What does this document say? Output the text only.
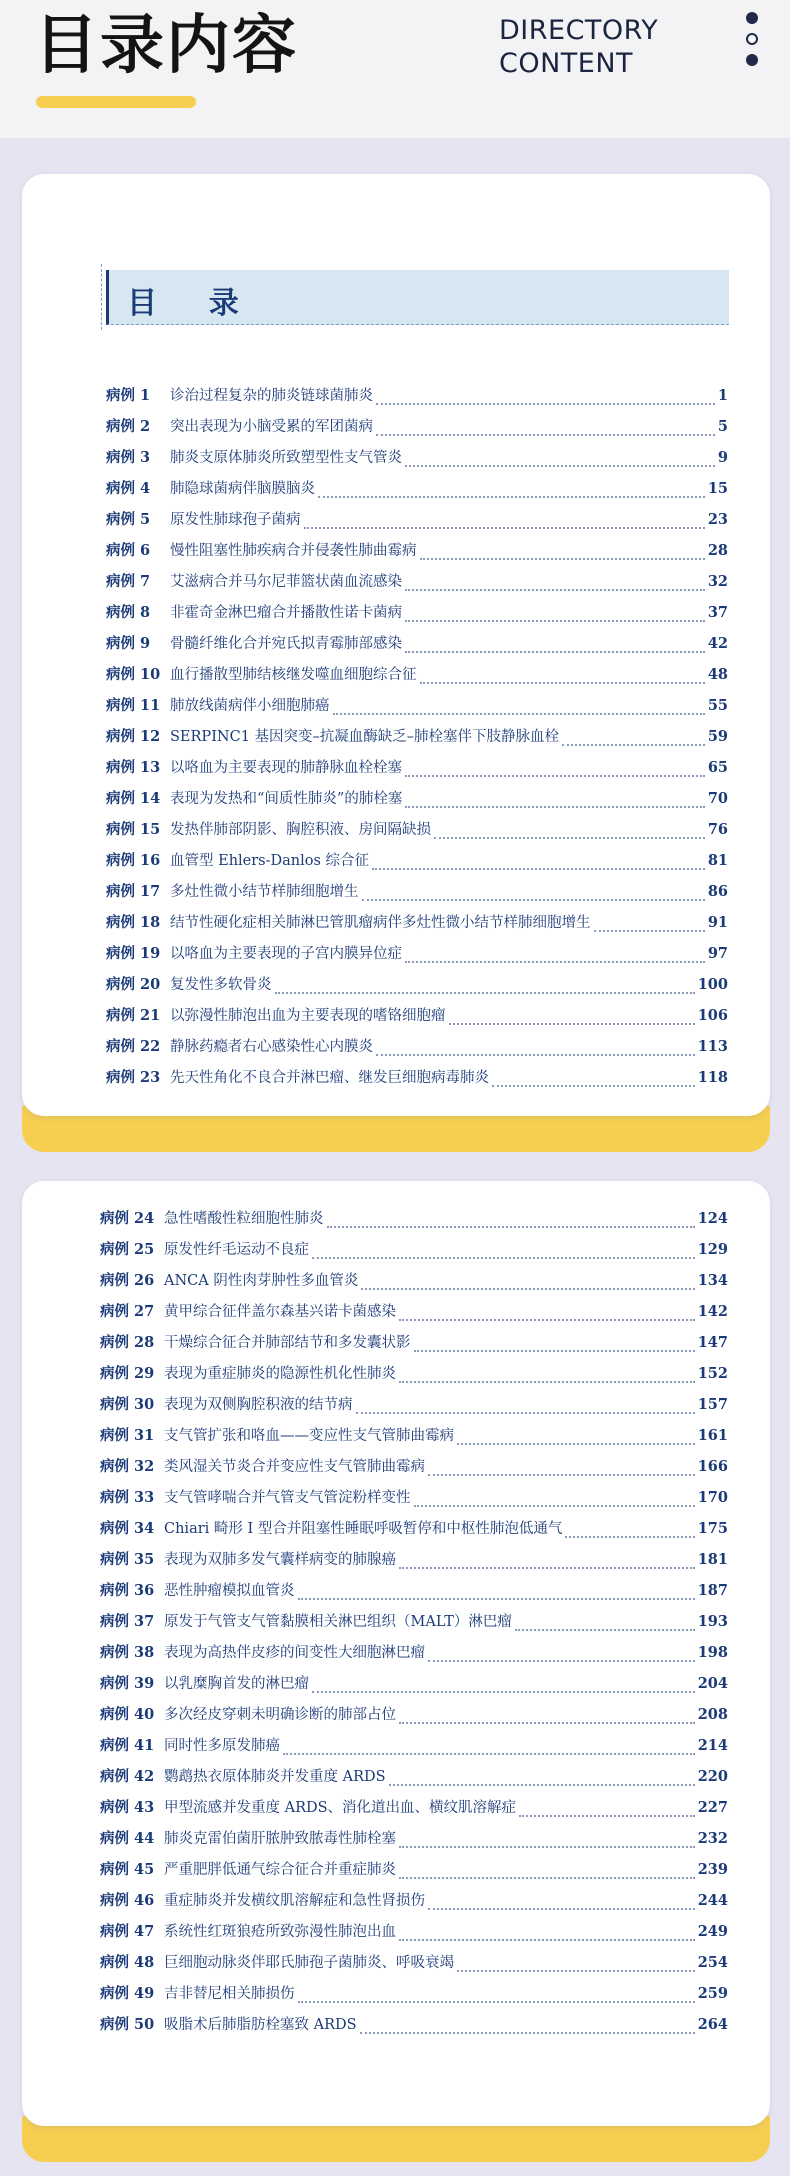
目录内容	DIRECTORY
CONTENT
目    录
病例 1	诊治过程复杂的肺炎链球菌肺炎	1
病例 2	突出表现为小脑受累的军团菌病	5
病例 3	肺炎支原体肺炎所致塑型性支气管炎	9
病例 4	肺隐球菌病伴脑膜脑炎	15
病例 5	原发性肺球孢子菌病	23
病例 6	慢性阻塞性肺疾病合并侵袭性肺曲霉病	28
病例 7	艾滋病合并马尔尼菲篮状菌血流感染	32
病例 8	非霍奇金淋巴瘤合并播散性诺卡菌病	37
病例 9	骨髓纤维化合并宛氏拟青霉肺部感染	42
病例 10 血行播散型肺结核继发噬血细胞综合征	48
病例 11 肺放线菌病伴小细胞肺癌	55
病例 12 SERPINC1 基因突变–抗凝血酶缺乏–肺栓塞伴下肢静脉血栓	59
病例 13 以咯血为主要表现的肺静脉血栓栓塞	65
病例 14 表现为发热和“间质性肺炎”的肺栓塞	70
病例 15 发热伴肺部阴影、胸腔积液、房间隔缺损	76
病例 16 血管型 Ehlers-Danlos 综合征	81
病例 17 多灶性微小结节样肺细胞增生	86
病例 18 结节性硬化症相关肺淋巴管肌瘤病伴多灶性微小结节样肺细胞增生	91
病例 19 以咯血为主要表现的子宫内膜异位症	97
病例 20 复发性多软骨炎	100
病例 21 以弥漫性肺泡出血为主要表现的嗜铬细胞瘤	106
病例 22 静脉药瘾者右心感染性心内膜炎	113
病例 23 先天性角化不良合并淋巴瘤、继发巨细胞病毒肺炎	118
病例 24 急性嗜酸性粒细胞性肺炎	124
病例 25 原发性纤毛运动不良症	129
病例 26 ANCA 阴性肉芽肿性多血管炎	134
病例 27 黄甲综合征伴盖尔森基兴诺卡菌感染	142
病例 28 干燥综合征合并肺部结节和多发囊状影	147
病例 29 表现为重症肺炎的隐源性机化性肺炎	152
病例 30 表现为双侧胸腔积液的结节病	157
病例 31 支气管扩张和咯血——变应性支气管肺曲霉病	161
病例 32 类风湿关节炎合并变应性支气管肺曲霉病	166
病例 33 支气管哮喘合并气管支气管淀粉样变性	170
病例 34 Chiari 畸形 Ⅰ 型合并阻塞性睡眠呼吸暂停和中枢性肺泡低通气	175
病例 35 表现为双肺多发气囊样病变的肺腺癌	181
病例 36 恶性肿瘤模拟血管炎	187
病例 37 原发于气管支气管黏膜相关淋巴组织（MALT）淋巴瘤	193
病例 38 表现为高热伴皮疹的间变性大细胞淋巴瘤	198
病例 39 以乳糜胸首发的淋巴瘤	204
病例 40 多次经皮穿刺未明确诊断的肺部占位	208
病例 41 同时性多原发肺癌	214
病例 42 鹦鹉热衣原体肺炎并发重度 ARDS	220
病例 43 甲型流感并发重度 ARDS、消化道出血、横纹肌溶解症	227
病例 44 肺炎克雷伯菌肝脓肿致脓毒性肺栓塞	232
病例 45 严重肥胖低通气综合征合并重症肺炎	239
病例 46 重症肺炎并发横纹肌溶解症和急性肾损伤	244
病例 47 系统性红斑狼疮所致弥漫性肺泡出血	249
病例 48 巨细胞动脉炎伴耶氏肺孢子菌肺炎、呼吸衰竭	254
病例 49 吉非替尼相关肺损伤	259
病例 50 吸脂术后肺脂肪栓塞致 ARDS	264
